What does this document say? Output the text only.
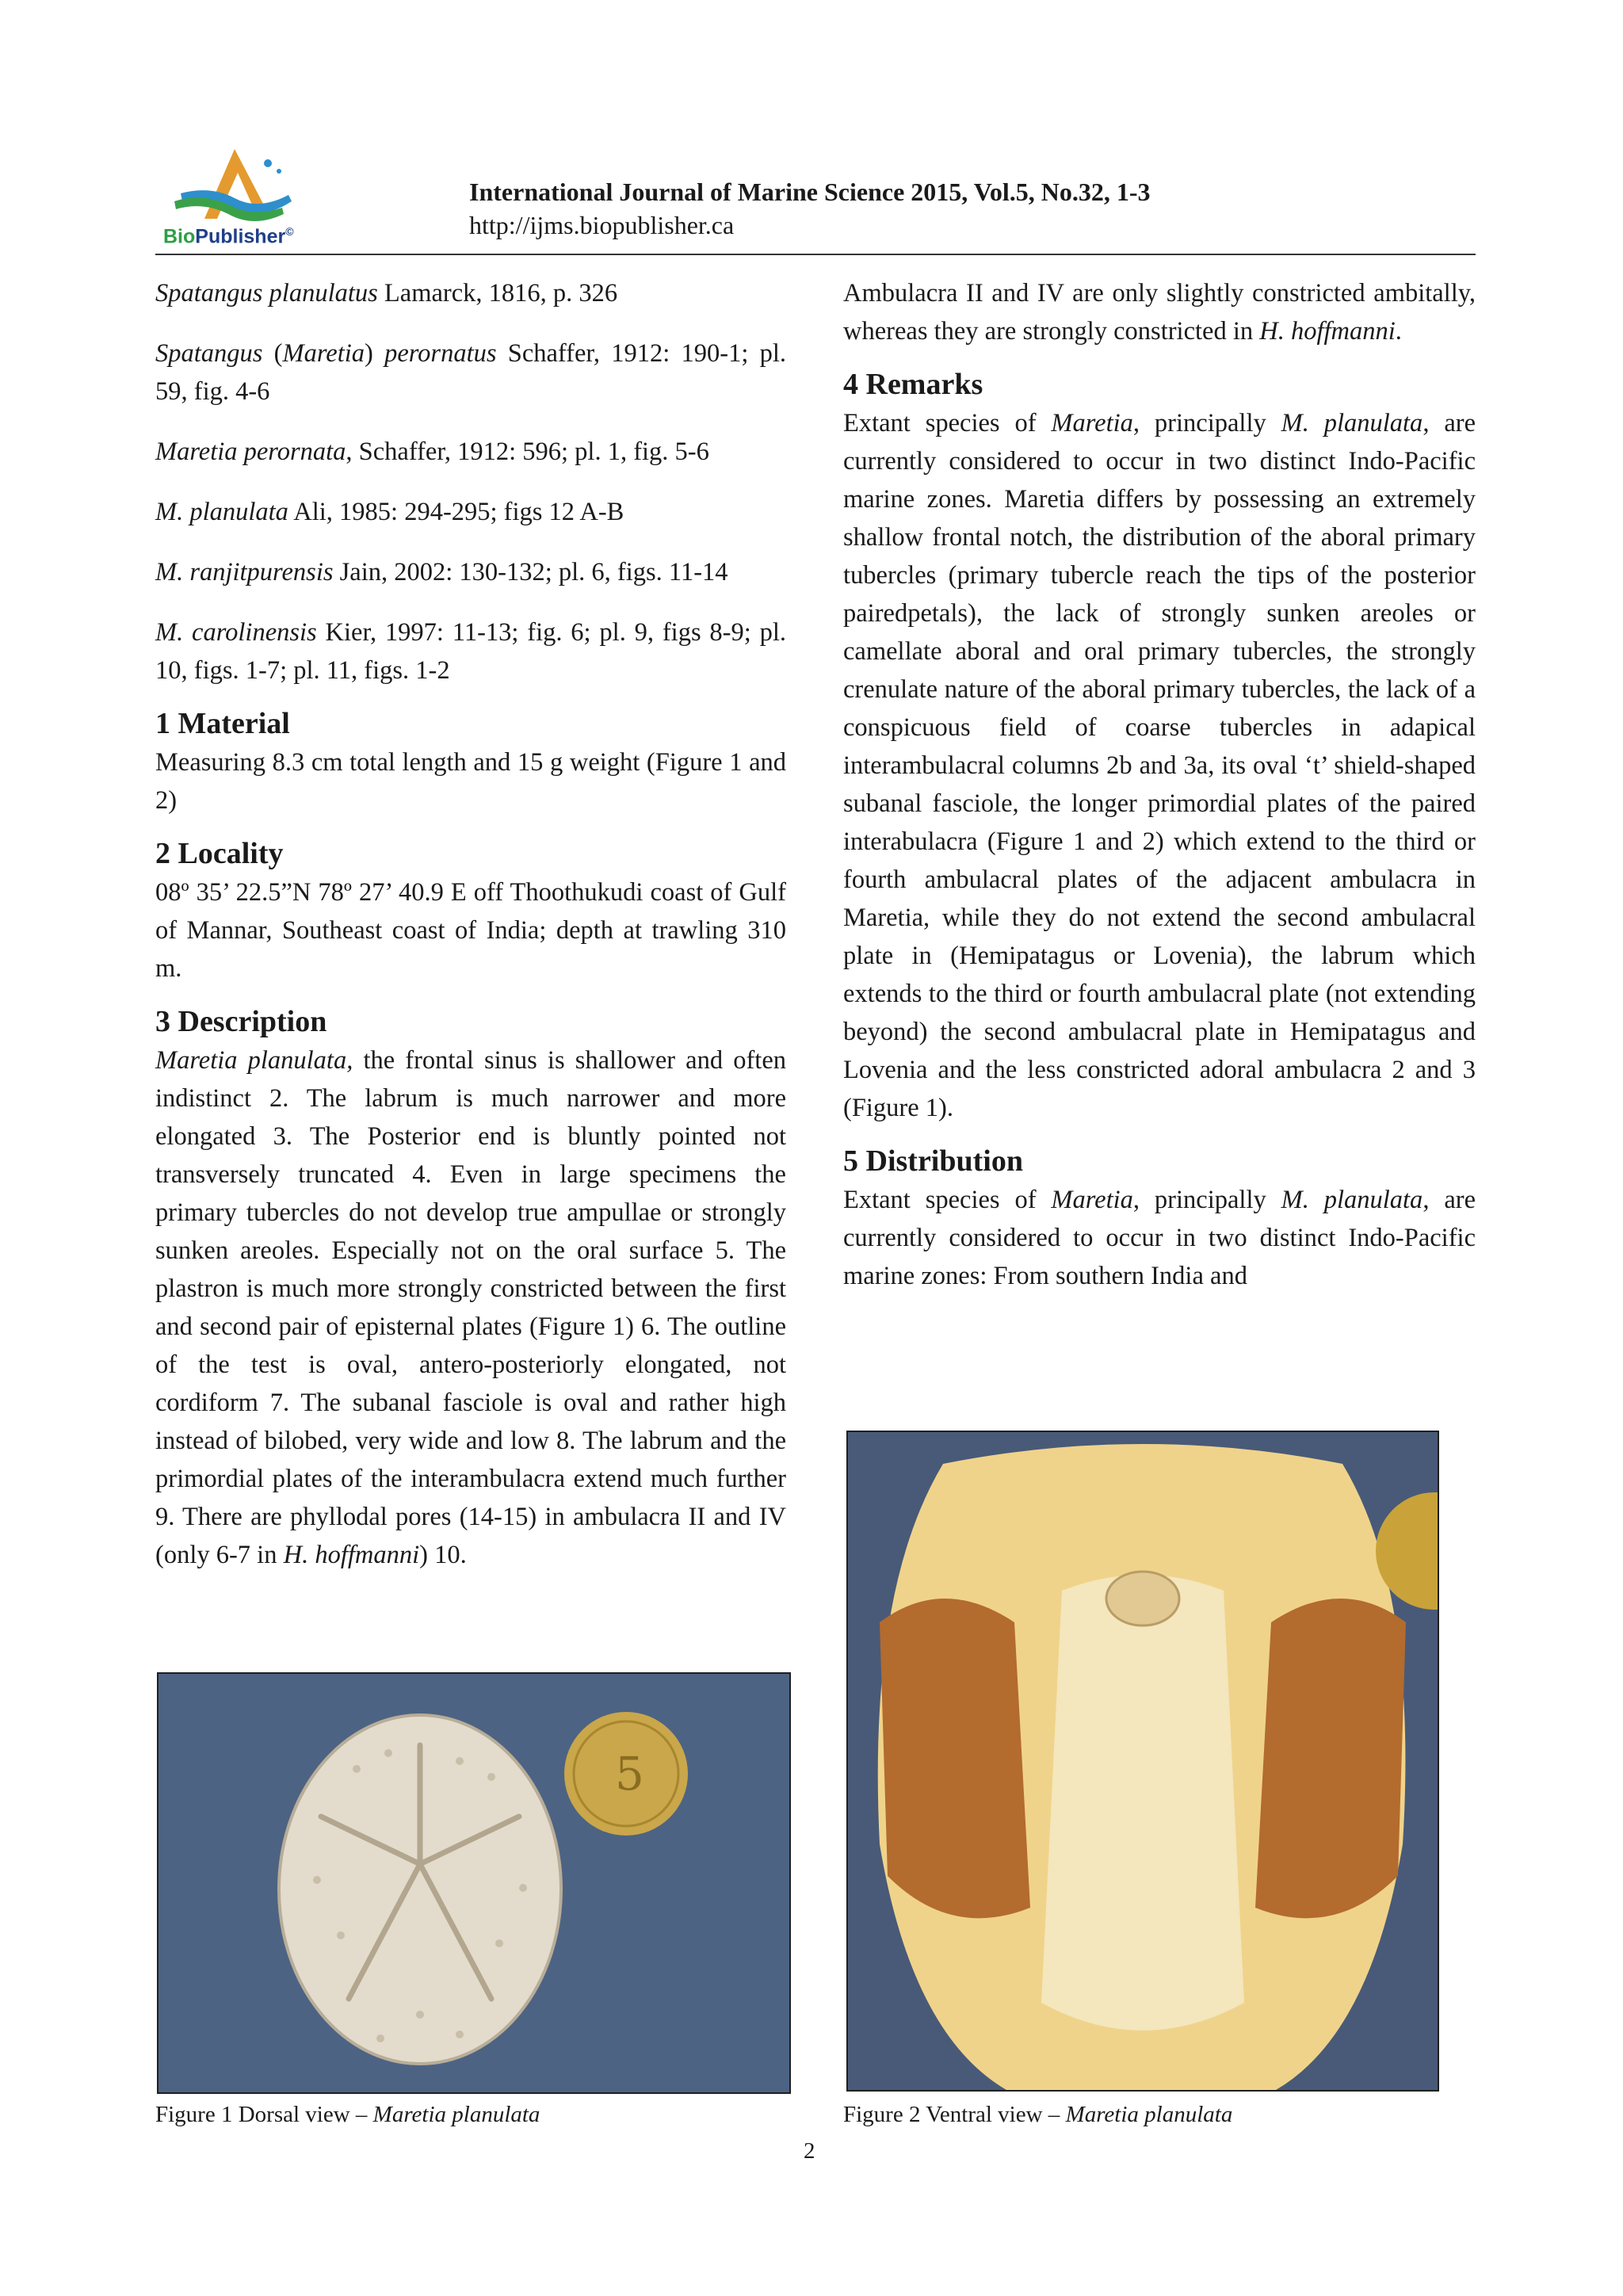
BioPublisher©
International Journal of Marine Science 2015, Vol.5, No.32, 1-3
http://ijms.biopublisher.ca

Spatangus planulatus Lamarck, 1816, p. 326

Spatangus (Maretia) perornatus Schaffer, 1912: 190-1; pl. 59, fig. 4-6

Maretia perornata, Schaffer, 1912: 596; pl. 1, fig. 5-6

M. planulata Ali, 1985: 294-295; figs 12 A-B

M. ranjitpurensis Jain, 2002: 130-132; pl. 6, figs. 11-14

M. carolinensis Kier, 1997: 11-13; fig. 6; pl. 9, figs 8-9; pl. 10, figs. 1-7; pl. 11, figs. 1-2

1 Material

Measuring 8.3 cm total length and 15 g weight (Figure 1 and 2)

2 Locality

08º 35’ 22.5”N 78º 27’ 40.9 E off Thoothukudi coast of Gulf of Mannar, Southeast coast of India; depth at trawling 310 m.

3 Description

Maretia planulata, the frontal sinus is shallower and often indistinct 2. The labrum is much narrower and more elongated 3. The Posterior end is bluntly pointed not transversely truncated 4. Even in large specimens the primary tubercles do not develop true ampullae or strongly sunken areoles. Especially not on the oral surface 5. The plastron is much more strongly constricted between the first and second pair of episternal plates (Figure 1) 6. The outline of the test is oval, antero-posteriorly elongated, not cordiform 7. The subanal fasciole is oval and rather high instead of bilobed, very wide and low 8. The labrum and the primordial plates of the interambulacra extend much further 9. There are phyllodal pores (14-15) in ambulacra II and IV (only 6-7 in H. hoffmanni) 10.

Ambulacra II and IV are only slightly constricted ambitally, whereas they are strongly constricted in H. hoffmanni.

4 Remarks

Extant species of Maretia, principally M. planulata, are currently considered to occur in two distinct Indo-Pacific marine zones. Maretia differs by possessing an extremely shallow frontal notch, the distribution of the aboral primary tubercles (primary tubercle reach the tips of the posterior pairedpetals), the lack of strongly sunken areoles or camellate aboral and oral primary tubercles, the strongly crenulate nature of the aboral primary tubercles, the lack of a conspicuous field of coarse tubercles in adapical interambulacral columns 2b and 3a, its oval ‘t’ shield-shaped subanal fasciole, the longer primordial plates of the paired interabulacra (Figure 1 and 2) which extend to the third or fourth ambulacral plates of the adjacent ambulacra in Maretia, while they do not extend the second ambulacral plate in (Hemipatagus or Lovenia), the labrum which extends to the third or fourth ambulacral plate (not extending beyond) the second ambulacral plate in Hemipatagus and Lovenia and the less constricted adoral ambulacra 2 and 3 (Figure 1).

5 Distribution

Extant species of Maretia, principally M. planulata, are currently considered to occur in two distinct Indo-Pacific marine zones: From southern India and

5
Figure 1 Dorsal view – Maretia planulata	Figure 2 Ventral view – Maretia planulata
2
